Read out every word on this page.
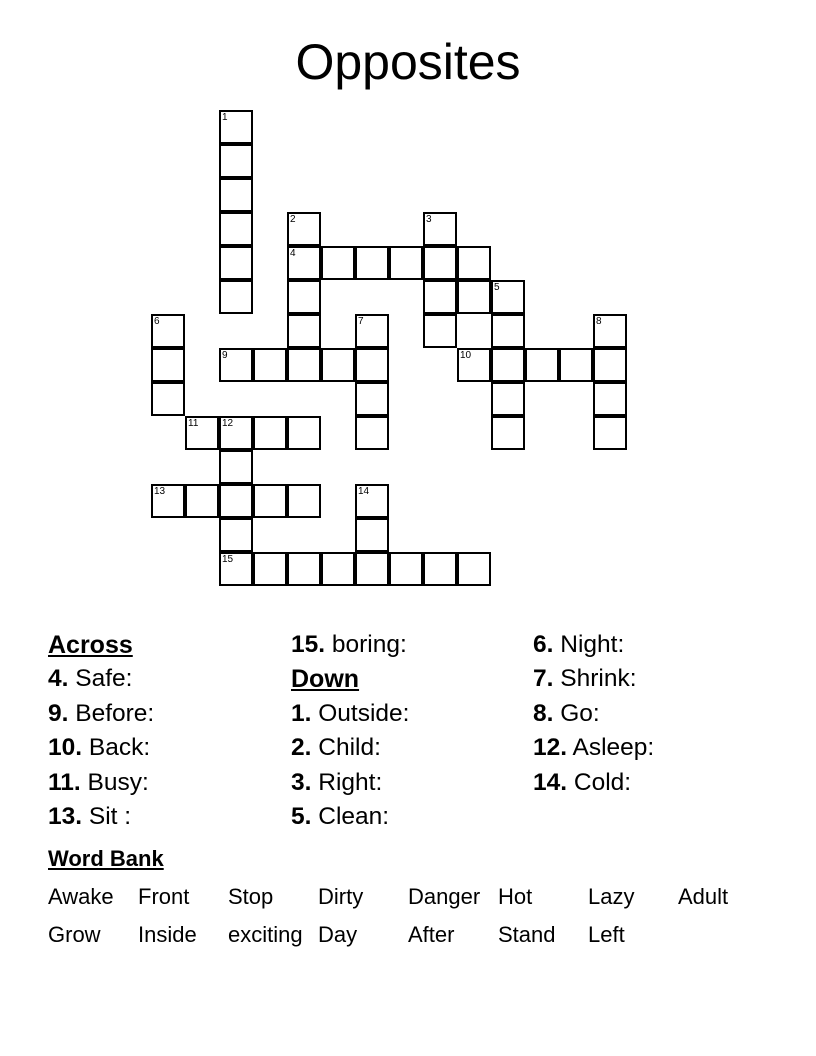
Opposites
1
2
4
3
5
6	7	8
9	10
11 12
15
13	14
Across
4. Safe:
9. Before:
10. Back:
11. Busy:
13. Sit :
15. boring:
Down
1. Outside:
2. Child:
3. Right:
5. Clean:
6. Night:
7. Shrink:
8. Go:
12. Asleep:
14. Cold:
Word Bank
Awake Front Stop Dirty Danger Hot	Lazy Adult
Grow Inside exciting Day After Stand Left
